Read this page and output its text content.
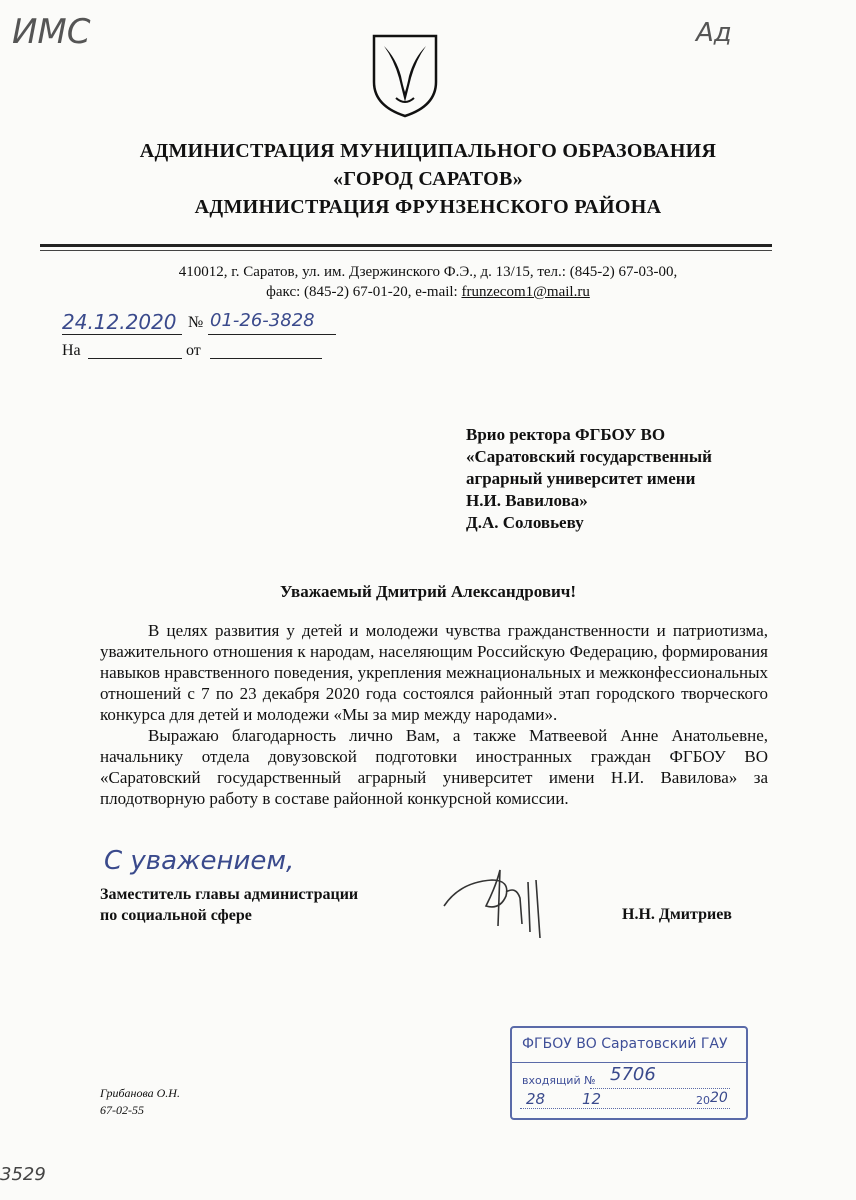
ИМС	Ад
3529
АДМИНИСТРАЦИЯ МУНИЦИПАЛЬНОГО ОБРАЗОВАНИЯ
«ГОРОД САРАТОВ»
АДМИНИСТРАЦИЯ ФРУНЗЕНСКОГО РАЙОНА
410012, г. Саратов, ул. им. Дзержинского Ф.Э., д. 13/15, тел.: (845-2) 67-03-00,
факс: (845-2) 67-01-20, e-mail: frunzecom1@mail.ru
24.12.2020 № 01-26-3828
На	от
Врио ректора ФГБОУ ВО
«Саратовский государственный
аграрный университет имени
Н.И. Вавилова»
Д.А. Соловьеву
Уважаемый Дмитрий Александрович!

В целях развития у детей и молодежи чувства гражданственности и патриотизма, уважительного отношения к народам, населяющим Российскую Федерацию, формирования навыков нравственного поведения, укрепления межнациональных и межконфессиональных отношений с 7 по 23 декабря 2020 года состоялся районный этап городского творческого конкурса для детей и молодежи «Мы за мир между народами».

Выражаю благодарность лично Вам, а также Матвеевой Анне Анатольевне, начальнику отдела довузовской подготовки иностранных граждан ФГБОУ ВО «Саратовский государственный аграрный университет имени Н.И. Вавилова» за плодотворную работу в составе районной конкурсной комиссии.

С уважением,
Заместитель главы администрации
по социальной сфере	Н.Н. Дмитриев
ФГБОУ ВО Саратовский ГАУ
входящий № 5706
28 12	20 20
Грибанова О.Н.
67-02-55
